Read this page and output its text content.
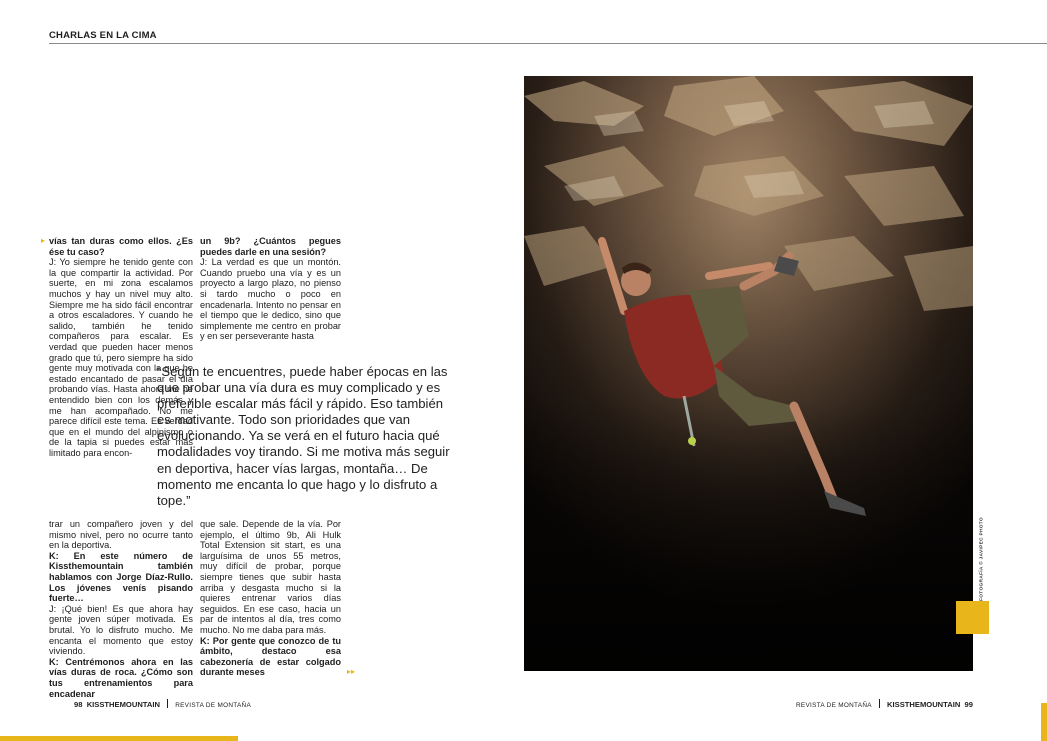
CHARLAS EN LA CIMA
▸ vías tan duras como ellos. ¿Es ése tu caso?

J: Yo siempre he tenido gente con la que compartir la actividad. Por suerte, en mi zona escalamos muchos y hay un nivel muy alto. Siempre me ha sido fácil encontrar a otros escaladores. Y cuando he salido, también he tenido compañeros para escalar. Es verdad que pueden hacer menos grado que tú, pero siempre ha sido gente muy motivada con la que he estado encantado de pasar el día probando vías. Hasta ahora me he entendido bien con los demás y me han acompañado. No me parece difícil este tema. Es verdad que en el mundo del alpinismo o de la tapia si puedes estar más limitado para encon-

trar un compañero joven y del mismo nivel, pero no ocurre tanto en la deportiva.

K: En este número de Kissthemountain también hablamos con Jorge Díaz-Rullo. Los jóvenes venís pisando fuerte…

J: ¡Qué bien! Es que ahora hay gente joven súper motivada. Es brutal. Yo lo disfruto mucho. Me encanta el momento que estoy viviendo.

K: Centrémonos ahora en las vías duras de roca. ¿Cómo son tus entrenamientos para encadenar

un 9b? ¿Cuántos pegues puedes darle en una sesión?

J: La verdad es que un montón. Cuando pruebo una vía y es un proyecto a largo plazo, no pienso si tardo mucho o poco en encadenarla. Intento no pensar en el tiempo que le dedico, sino que simplemente me centro en probar y en ser perseverante hasta

que sale. Depende de la vía. Por ejemplo, el último 9b, Ali Hulk Total Extension sit start, es una larguísima de unos 55 metros, muy difícil de probar, porque siempre tienes que subir hasta arriba y desgasta mucho si la quieres entrenar varios días seguidos. En ese caso, hacia un par de intentos al día, tres como mucho. No me daba para más.

K: Por gente que conozco de tu ámbito, destaco esa cabezonería de estar colgado durante meses	▸▸
“Según te encuentres, puede haber épocas en las que probar una vía dura es muy complicado y es preferible escalar más fácil y rápido. Eso también es motivante. Todo son prioridades que van evolucionando. Ya se verá en el futuro hacia qué modalidades voy tirando. Si me motiva más seguir en deportiva, hacer vías largas, montaña… De momento me encanta lo que hago y lo disfruto a tope.”
FOTOGRAFÍA © JAVIPEC PHOTO
98 KISSTHEMOUNTAIN REVISTA DE MONTAÑA	REVISTA DE MONTAÑA KISSTHEMOUNTAIN 99
